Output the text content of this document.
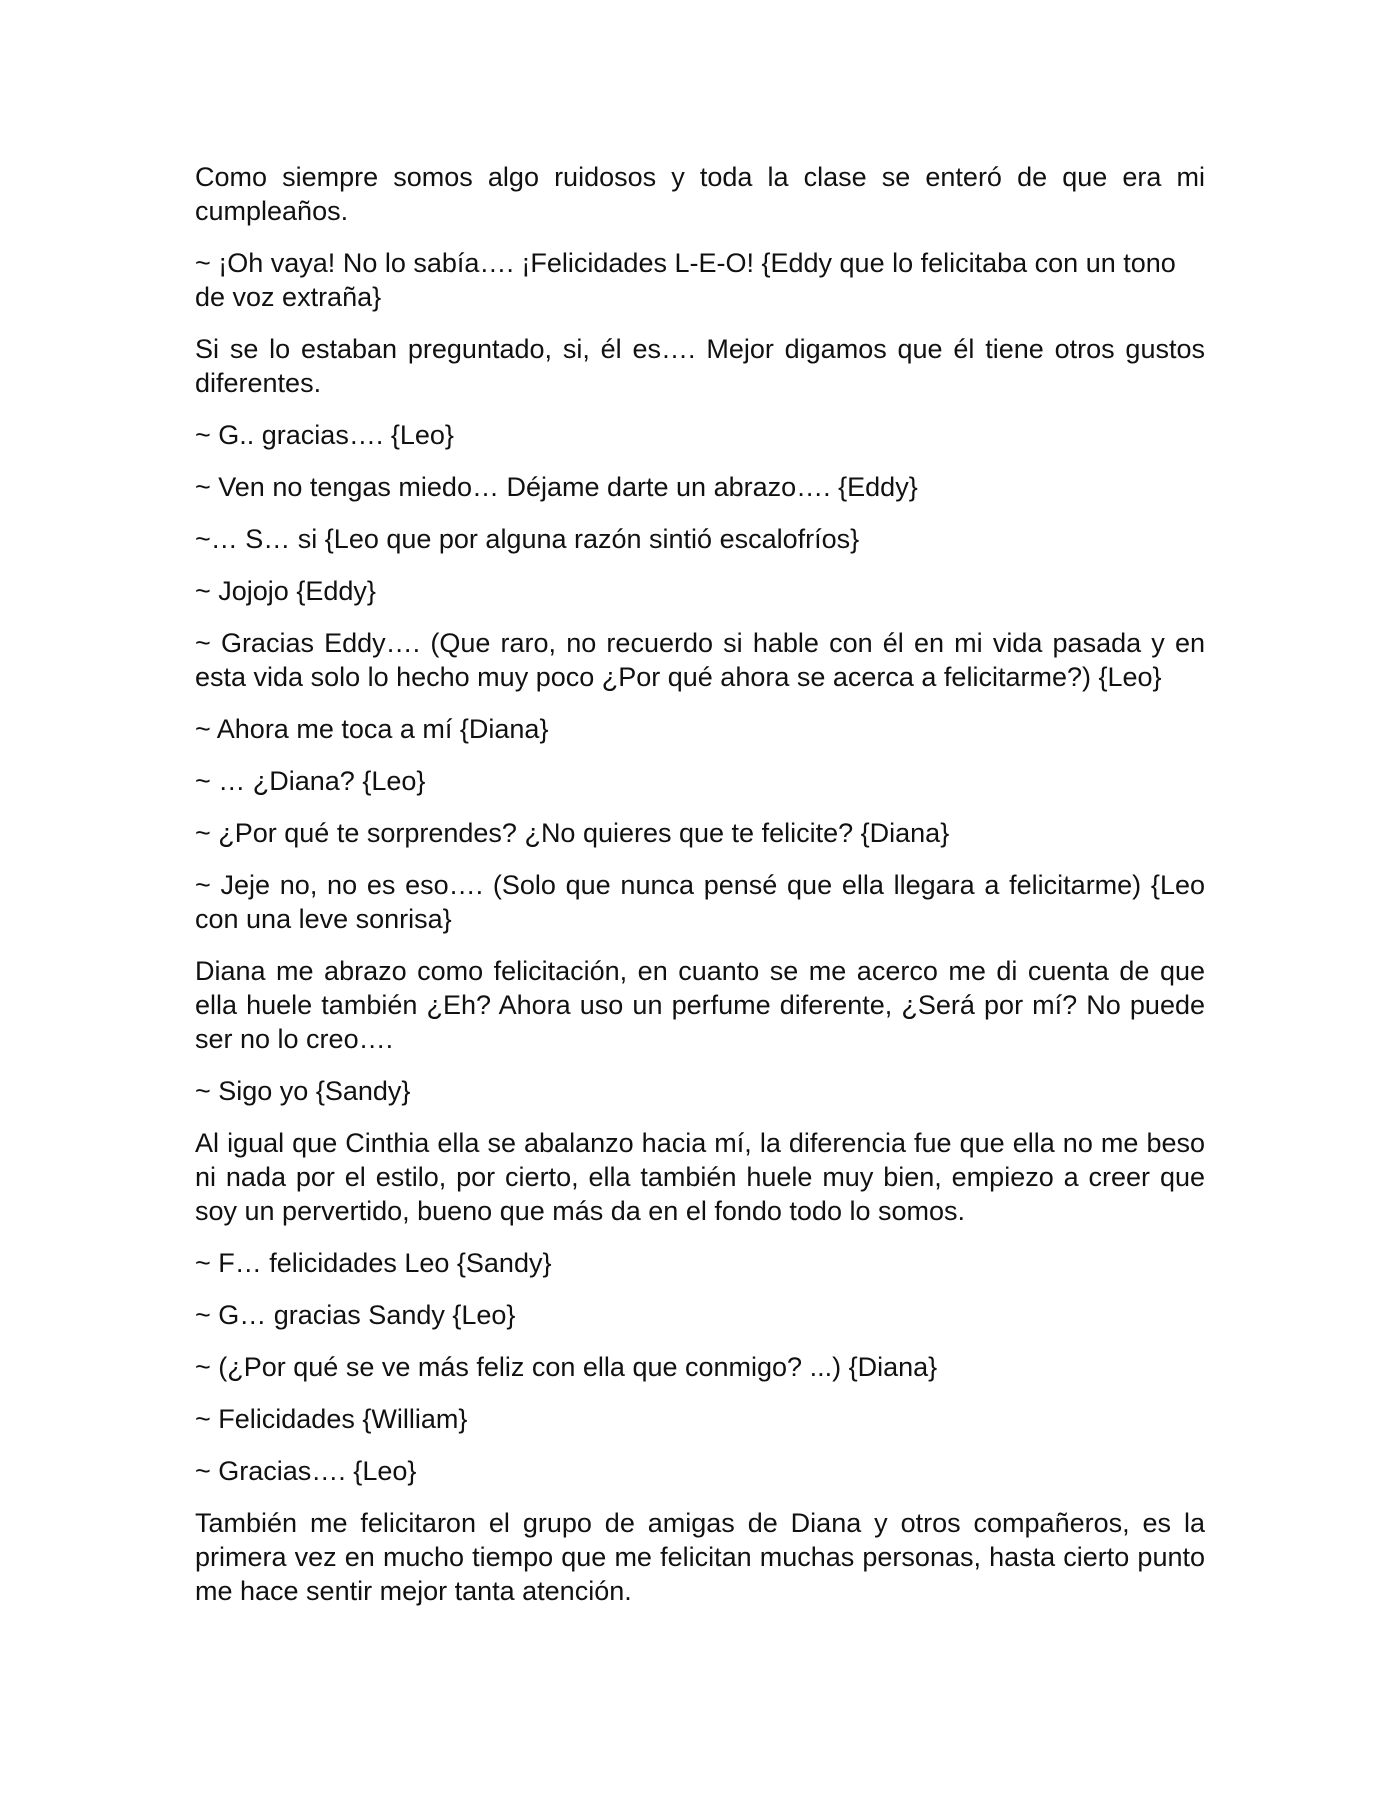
Como siempre somos algo ruidosos y toda la clase se enteró de que era mi cumpleaños.

~ ¡Oh vaya! No lo sabía…. ¡Felicidades L-E-O! {Eddy que lo felicitaba con un tono de voz extraña}

Si se lo estaban preguntado, si, él es…. Mejor digamos que él tiene otros gustos diferentes.

~ G.. gracias…. {Leo}

~ Ven no tengas miedo… Déjame darte un abrazo…. {Eddy}

~… S… si {Leo que por alguna razón sintió escalofríos}

~ Jojojo {Eddy}

~ Gracias Eddy…. (Que raro, no recuerdo si hable con él en mi vida pasada y en esta vida solo lo hecho muy poco ¿Por qué ahora se acerca a felicitarme?) {Leo}

~ Ahora me toca a mí {Diana}

~ … ¿Diana? {Leo}

~ ¿Por qué te sorprendes? ¿No quieres que te felicite? {Diana}

~ Jeje no, no es eso…. (Solo que nunca pensé que ella llegara a felicitarme) {Leo con una leve sonrisa}

Diana me abrazo como felicitación, en cuanto se me acerco me di cuenta de que ella huele también ¿Eh? Ahora uso un perfume diferente, ¿Será por mí? No puede ser no lo creo….

~ Sigo yo {Sandy}

Al igual que Cinthia ella se abalanzo hacia mí, la diferencia fue que ella no me beso ni nada por el estilo, por cierto, ella también huele muy bien, empiezo a creer que soy un pervertido, bueno que más da en el fondo todo lo somos.

~ F… felicidades Leo {Sandy}

~ G… gracias Sandy {Leo}

~ (¿Por qué se ve más feliz con ella que conmigo? ...) {Diana}

~ Felicidades {William}

~ Gracias…. {Leo}

También me felicitaron el grupo de amigas de Diana y otros compañeros, es la primera vez en mucho tiempo que me felicitan muchas personas, hasta cierto punto me hace sentir mejor tanta atención.
